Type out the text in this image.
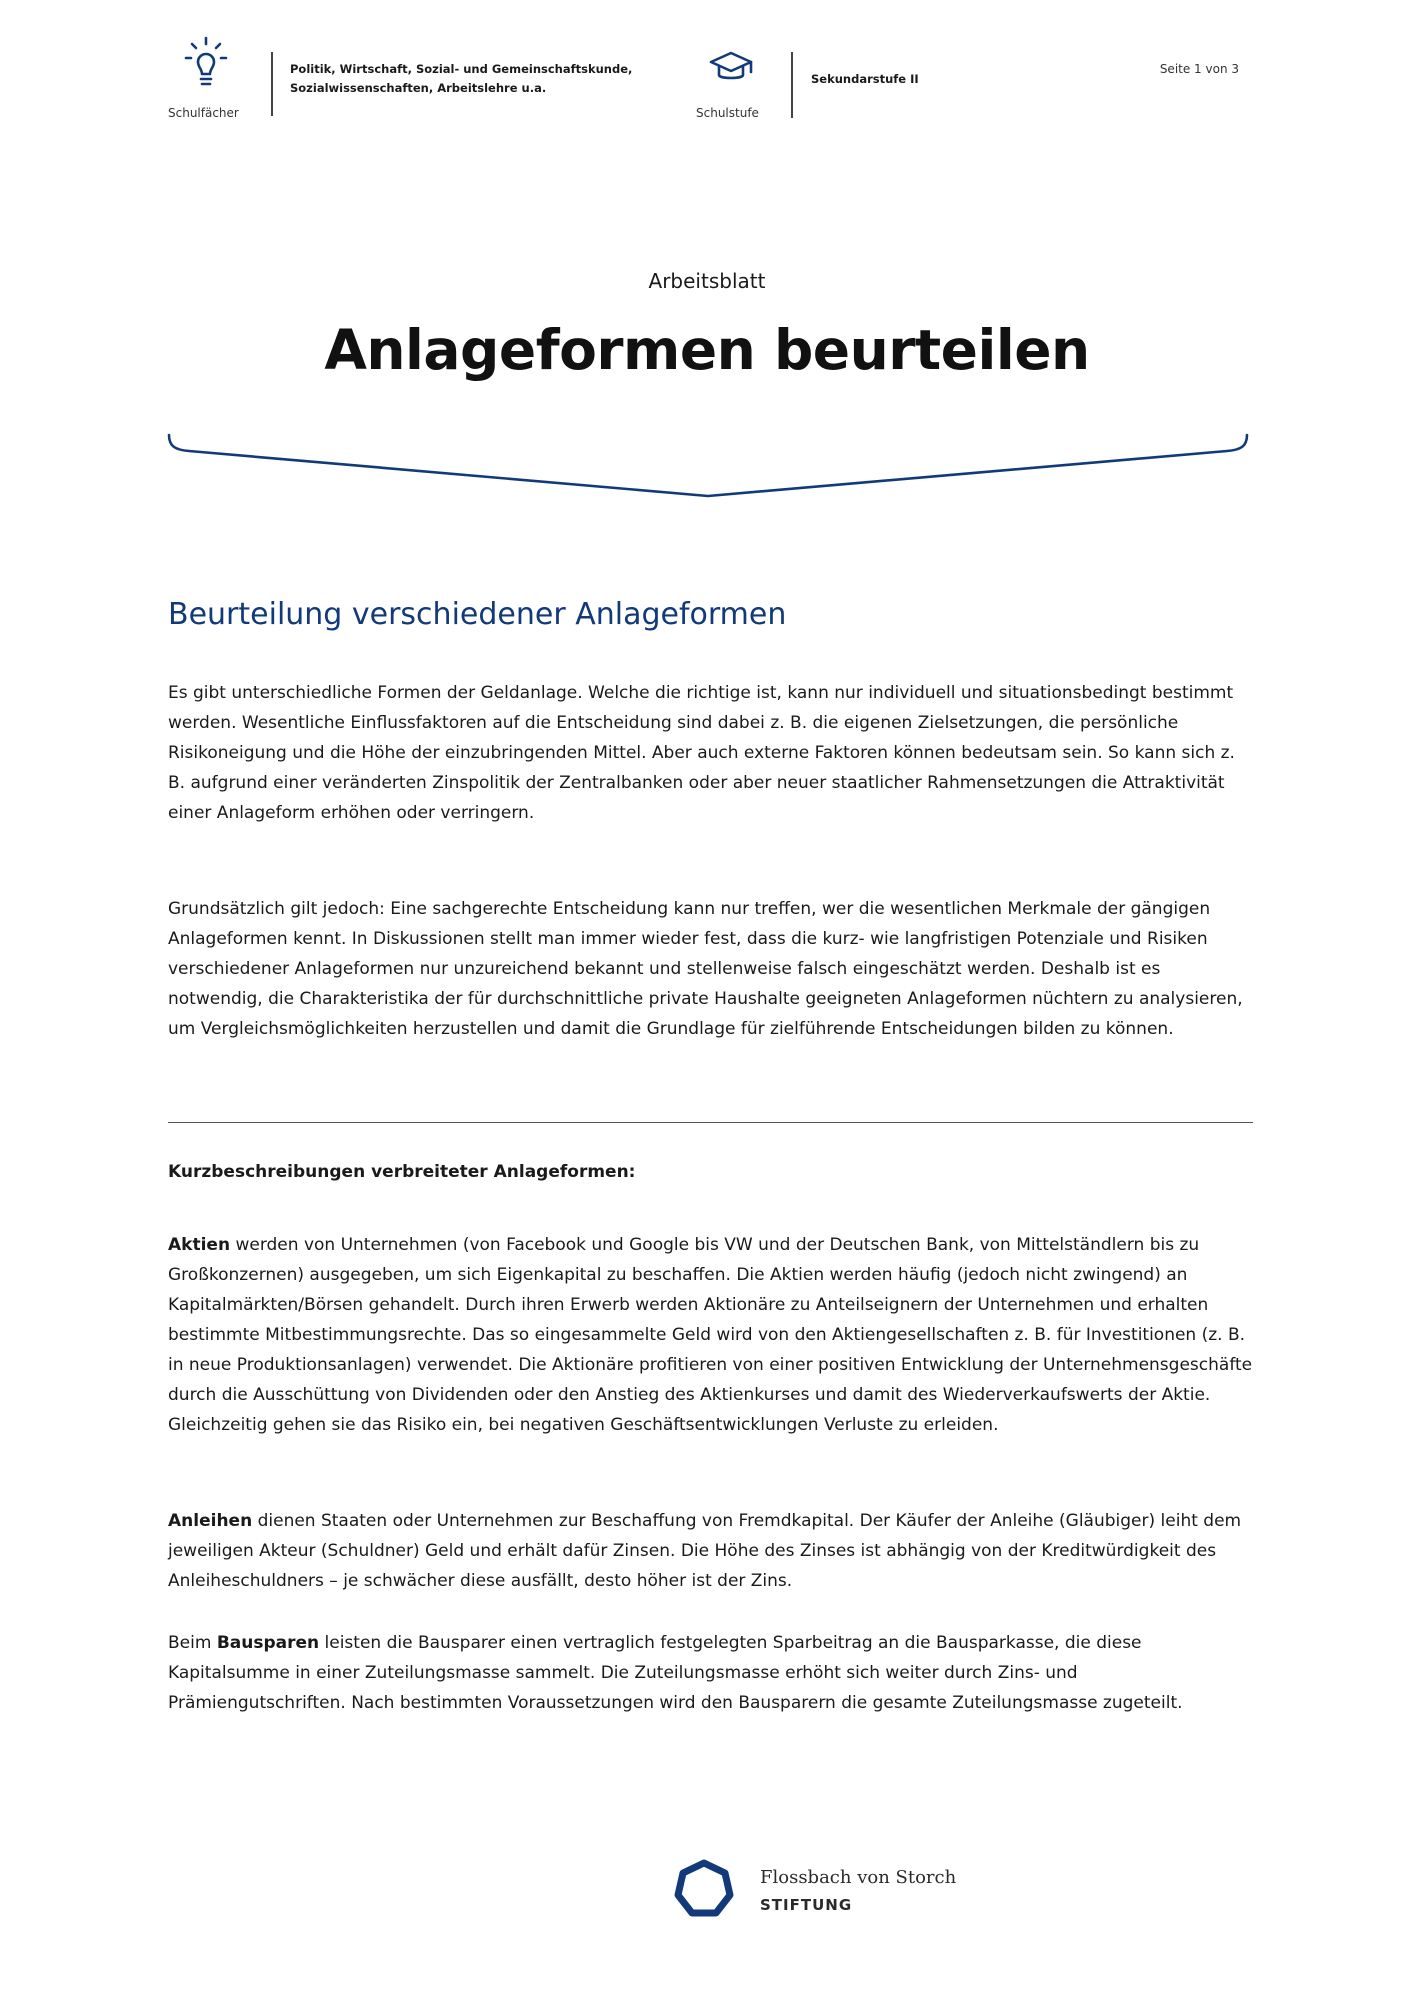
Schulfächer
Politik, Wirtschaft, Sozial- und Gemeinschaftskunde,
Sozialwissenschaften, Arbeitslehre u.a.
Schulstufe
Sekundarstufe II
Seite 1 von 3
Arbeitsblatt
Anlageformen beurteilen
Beurteilung verschiedener Anlageformen

Es gibt unterschiedliche Formen der Geldanlage. Welche die richtige ist, kann nur individuell und situationsbedingt bestimmt werden. Wesentliche Einflussfaktoren auf die Entscheidung sind dabei z. B. die eigenen Zielsetzungen, die persönliche Risikoneigung und die Höhe der einzubringenden Mittel. Aber auch externe Faktoren können bedeutsam sein. So kann sich z. B. aufgrund einer veränderten Zinspolitik der Zentralbanken oder aber neuer staatlicher Rahmensetzungen die Attraktivität einer Anlageform erhöhen oder verringern.

Grundsätzlich gilt jedoch: Eine sachgerechte Entscheidung kann nur treffen, wer die wesentlichen Merkmale der gängigen Anlageformen kennt. In Diskussionen stellt man immer wieder fest, dass die kurz- wie langfristigen Potenziale und Risiken verschiedener Anlageformen nur unzureichend bekannt und stellenweise falsch eingeschätzt werden. Deshalb ist es notwendig, die Charakteristika der für durchschnittliche private Haushalte geeigneten Anlageformen nüchtern zu analysieren, um Vergleichsmöglichkeiten herzustellen und damit die Grundlage für zielführende Entscheidungen bilden zu können.

Kurzbeschreibungen verbreiteter Anlageformen:

Aktien werden von Unternehmen (von Facebook und Google bis VW und der Deutschen Bank, von Mittelständlern bis zu Großkonzernen) ausgegeben, um sich Eigenkapital zu beschaffen. Die Aktien werden häufig (jedoch nicht zwingend) an Kapitalmärkten/Börsen gehandelt. Durch ihren Erwerb werden Aktionäre zu Anteilseignern der Unternehmen und erhalten bestimmte Mitbestimmungsrechte. Das so eingesammelte Geld wird von den Aktiengesellschaften z. B. für Investitionen (z. B. in neue Produktionsanlagen) verwendet. Die Aktionäre profitieren von einer positiven Entwicklung der Unternehmensgeschäfte durch die Ausschüttung von Dividenden oder den Anstieg des Aktienkurses und damit des Wiederverkaufswerts der Aktie. Gleichzeitig gehen sie das Risiko ein, bei negativen Geschäftsentwicklungen Verluste zu erleiden.

Anleihen dienen Staaten oder Unternehmen zur Beschaffung von Fremdkapital. Der Käufer der Anleihe (Gläubiger) leiht dem jeweiligen Akteur (Schuldner) Geld und erhält dafür Zinsen. Die Höhe des Zinses ist abhängig von der Kreditwürdigkeit des Anleiheschuldners – je schwächer diese ausfällt, desto höher ist der Zins.

Beim Bausparen leisten die Bausparer einen vertraglich festgelegten Sparbeitrag an die Bausparkasse, die diese Kapitalsumme in einer Zuteilungsmasse sammelt. Die Zuteilungsmasse erhöht sich weiter durch Zins- und Prämiengutschriften. Nach bestimmten Voraussetzungen wird den Bausparern die gesamte Zuteilungsmasse zugeteilt.

Flossbach von Storch
STIFTUNG
